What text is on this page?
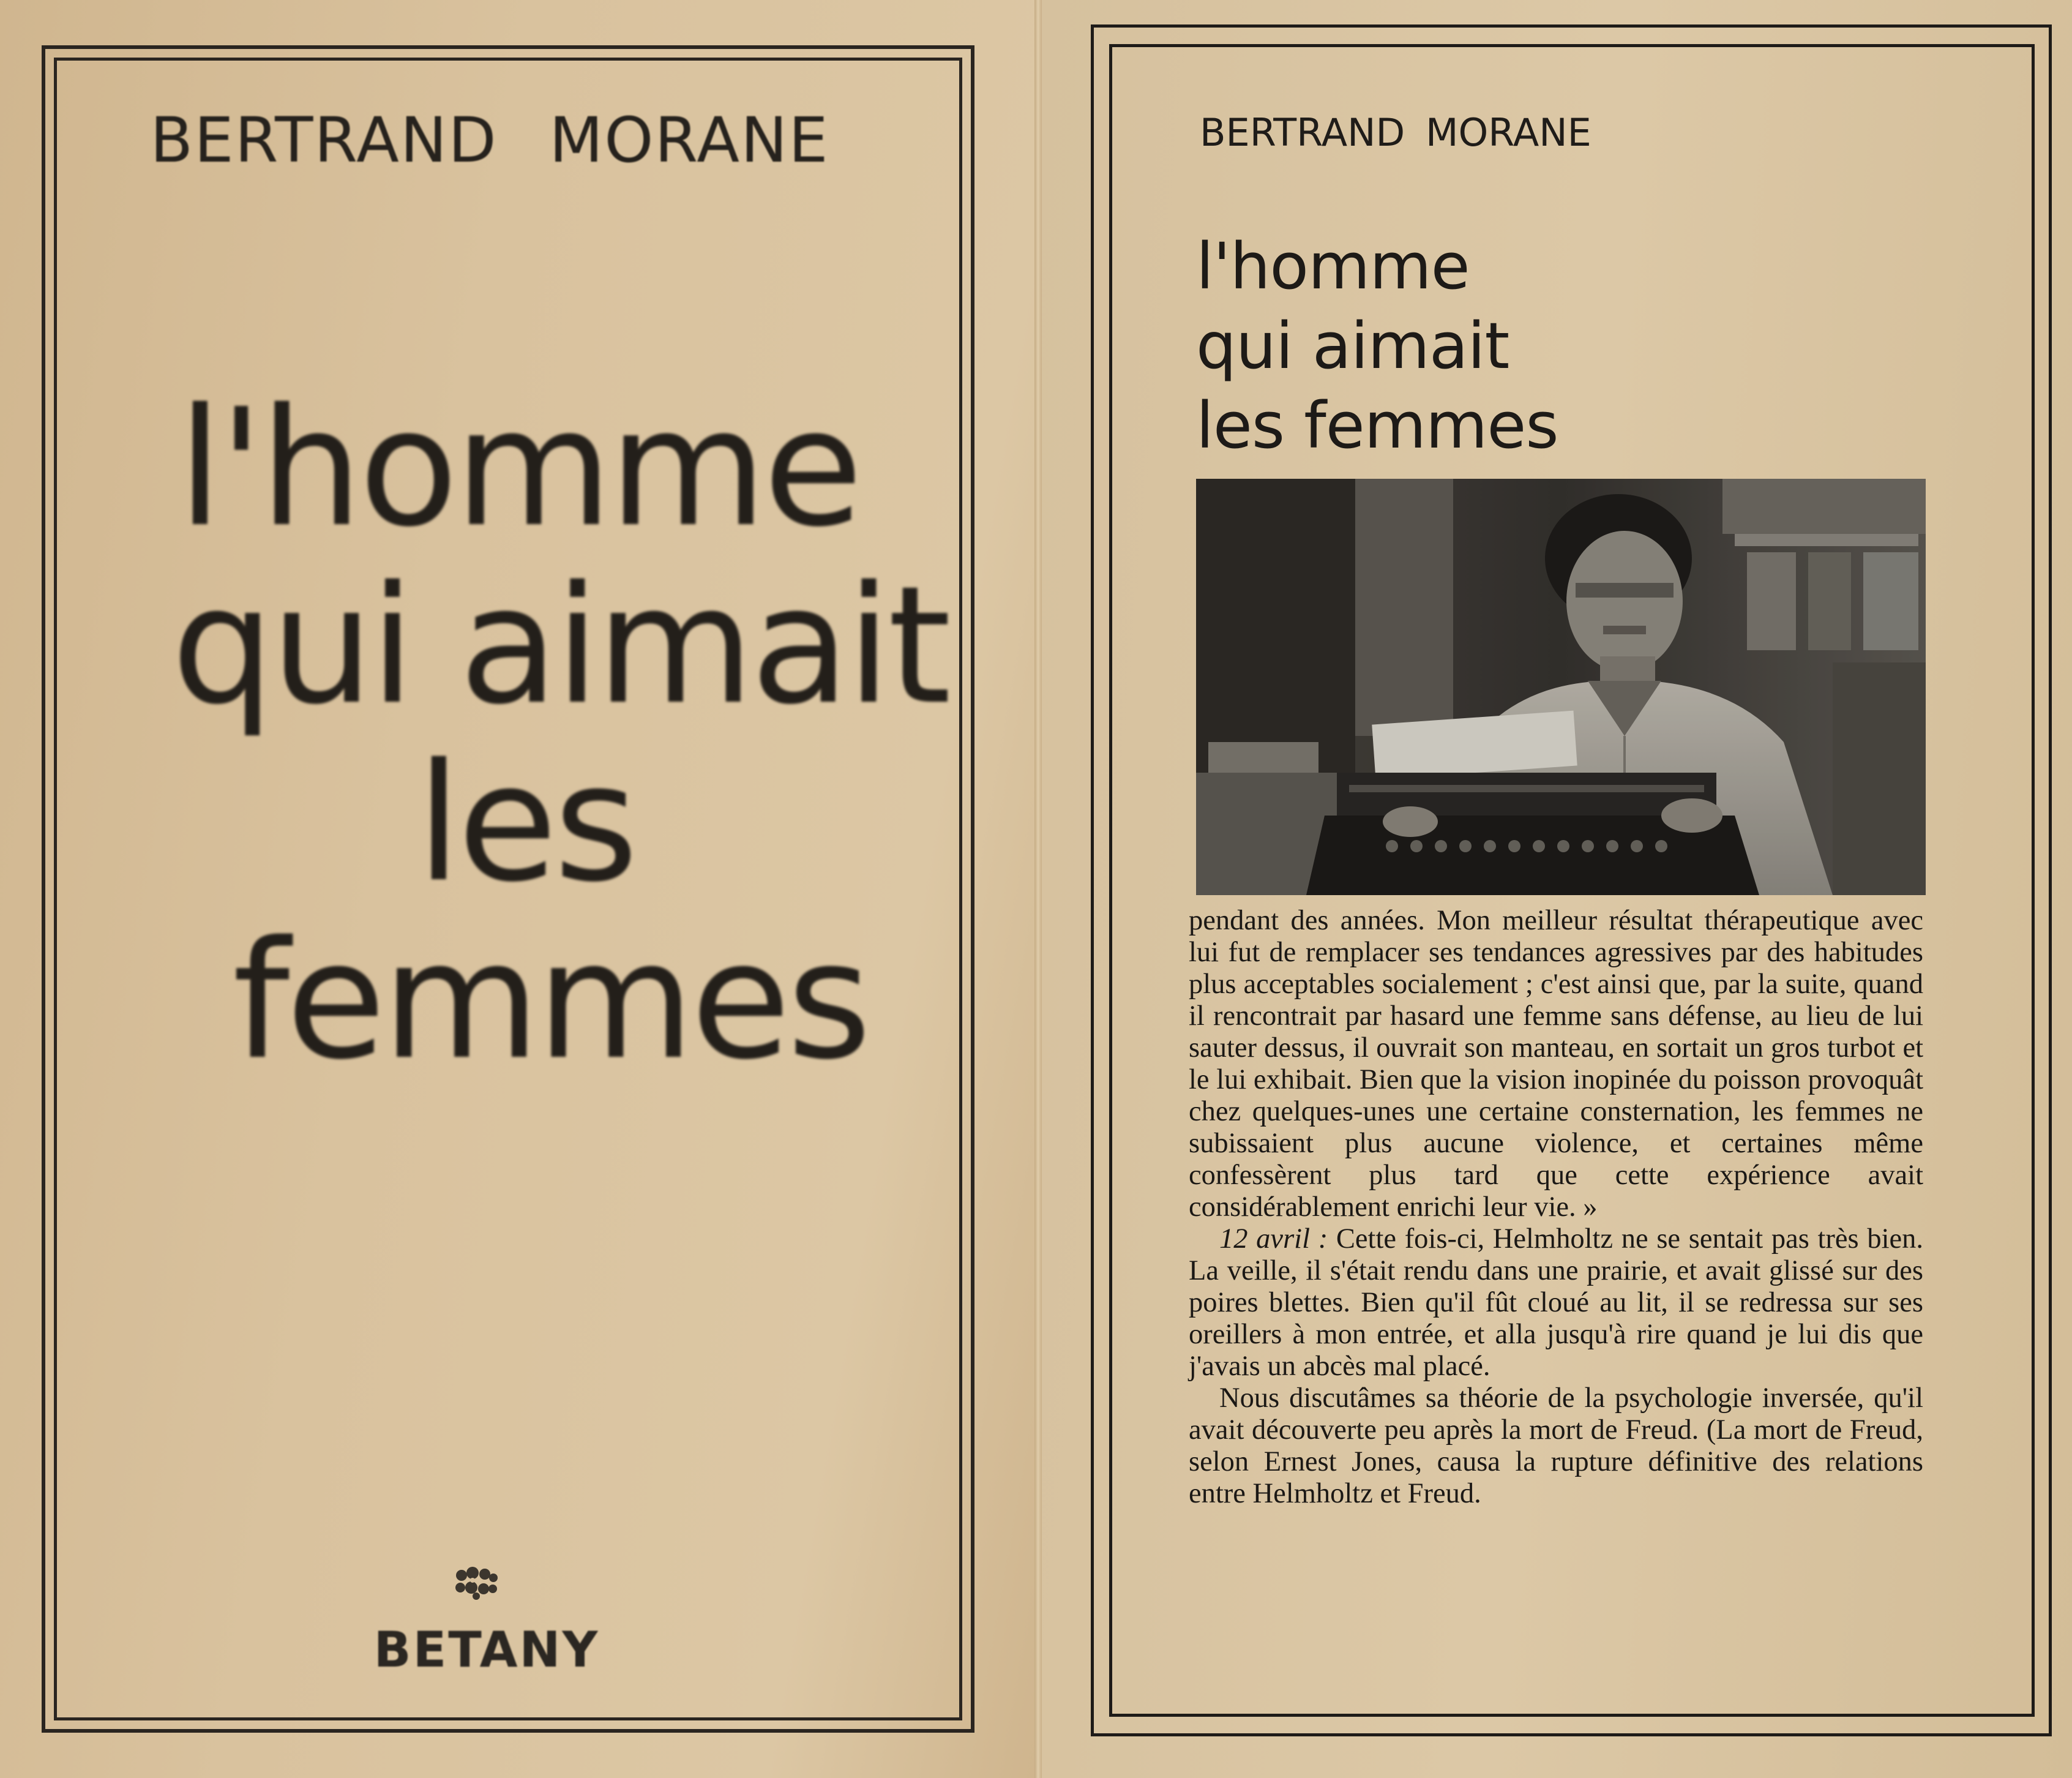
BERTRAND MORANE
l'homme
qui aimait
les
femmes
BETANY
BERTRAND MORANE
l'homme
qui aimait
les femmes

pendant des années. Mon meilleur résultat thérapeutique avec lui fut de remplacer ses tendances agressives par des habitudes plus acceptables socialement ; c'est ainsi que, par la suite, quand il rencontrait par hasard une femme sans défense, au lieu de lui sauter dessus, il ouvrait son manteau, en sortait un gros turbot et le lui exhibait. Bien que la vision inopinée du poisson provoquât chez quelques-unes une certaine consternation, les femmes ne subissaient plus aucune violence, et certaines même confessèrent plus tard que cette expérience avait considérablement enrichi leur vie. »

12 avril : Cette fois-ci, Helmholtz ne se sentait pas très bien. La veille, il s'était rendu dans une prairie, et avait glissé sur des poires blettes. Bien qu'il fût cloué au lit, il se redressa sur ses oreillers à mon entrée, et alla jusqu'à rire quand je lui dis que j'avais un abcès mal placé.

Nous discutâmes sa théorie de la psychologie inversée, qu'il avait découverte peu après la mort de Freud. (La mort de Freud, selon Ernest Jones, causa la rupture définitive des relations entre Helmholtz et Freud.
